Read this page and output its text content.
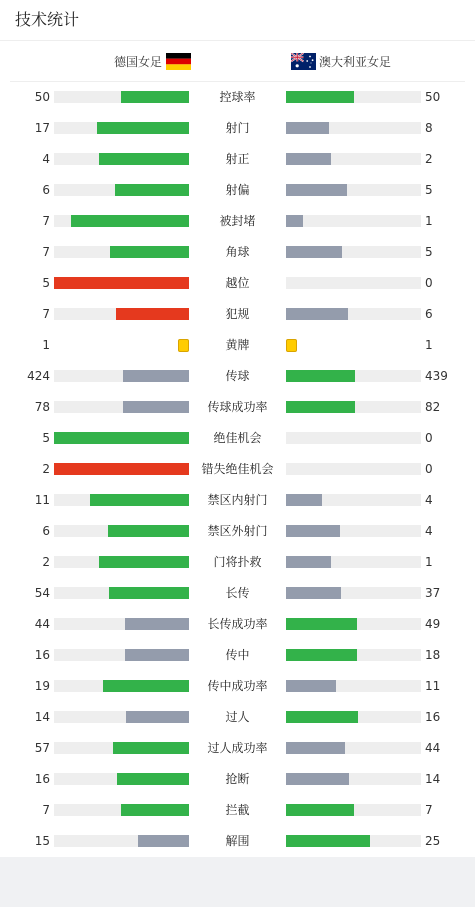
技术统计
德国女足	澳大利亚女足
50	控球率	50
17	射门	8
4	射正	2
6	射偏	5
7	被封堵	1
7	角球	5
5	越位	0
7	犯规	6
1	黄牌	1
424	传球	439
78	传球成功率	82
5	绝佳机会	0
2	错失绝佳机会	0
11	禁区内射门	4
6	禁区外射门	4
2	门将扑救	1
54	长传	37
44	长传成功率	49
16	传中	18
19	传中成功率	11
14	过人	16
57	过人成功率	44
16	抢断	14
7	拦截	7
15	解围	25
